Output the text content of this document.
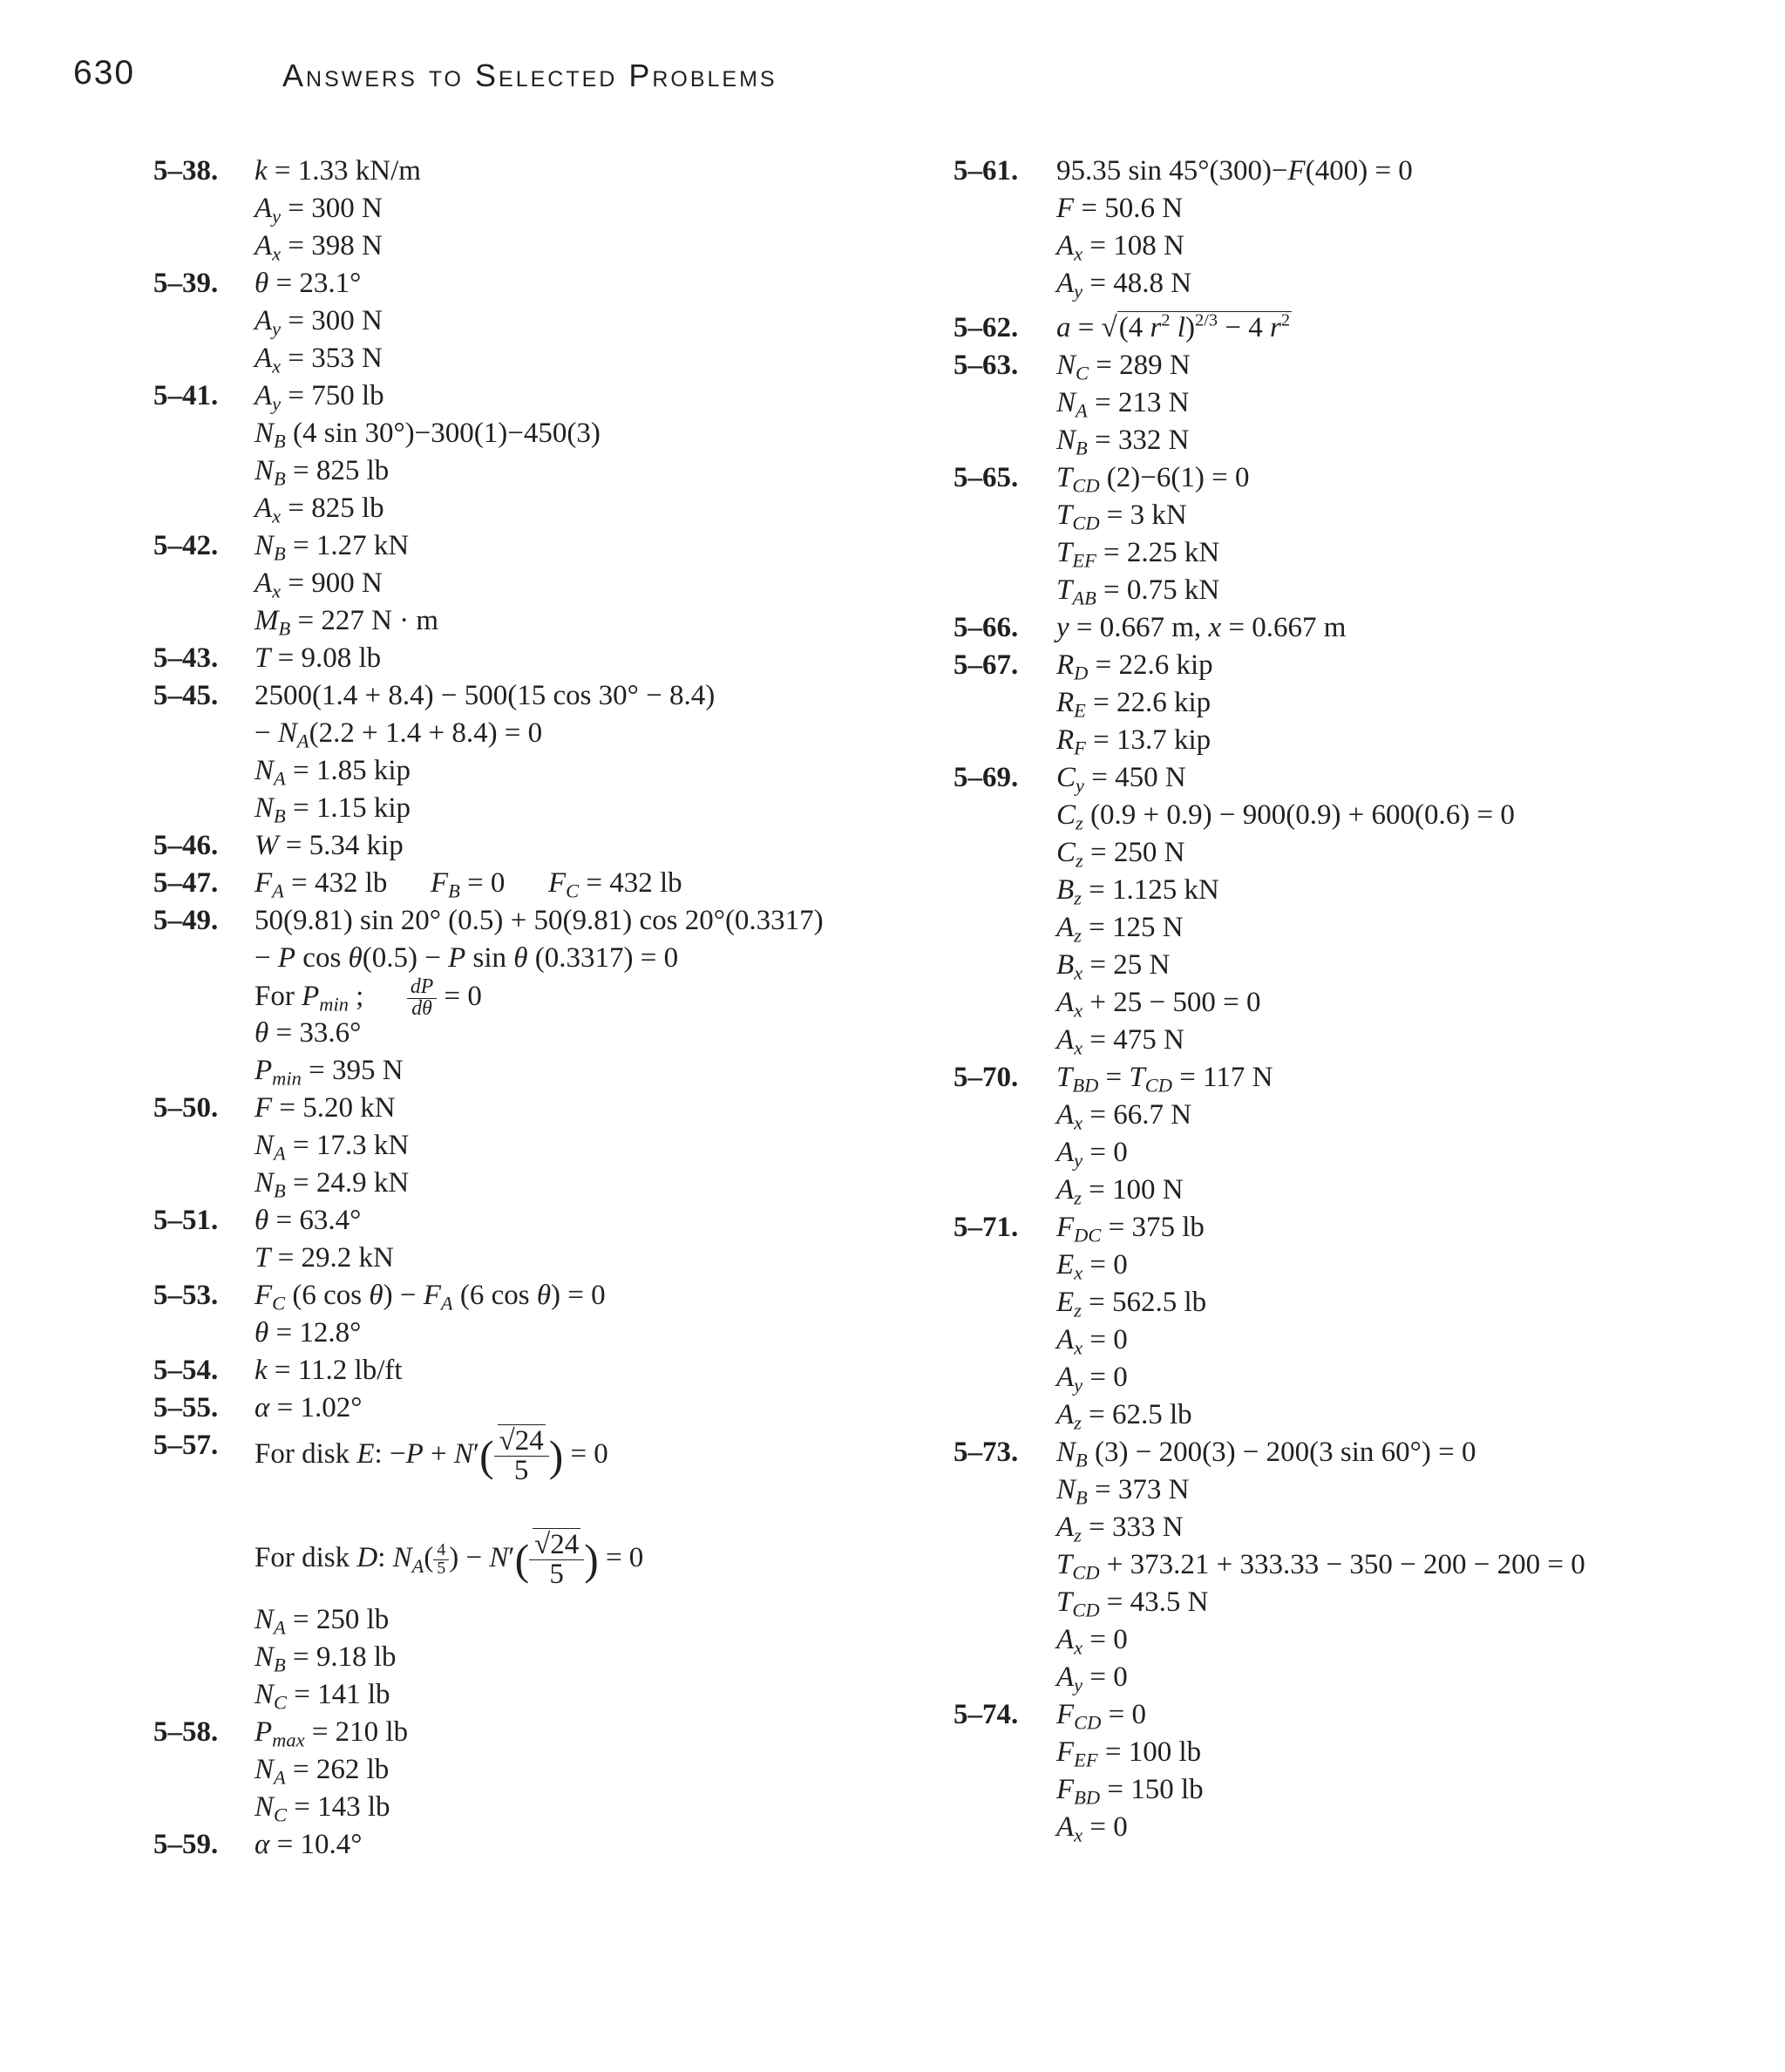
630	Answers to Selected Problems
5–38. k = 1.33 kN/m
$A_y = 300$ N
$A_x = 398$ N
5–39. θ = 23.1°
$A_y = 300$ N
$A_x = 353$ N
5–41. $A_y = 750$ lb
$N_B$ (4 sin 30°)−300(1)−450(3)
$N_B = 825$ lb
$A_x = 825$ lb
5–42. $N_B = 1.27$ kN
$A_x = 900$ N
$M_B = 227$ N · m
5–43. T = 9.08 lb
5–45. 2500(1.4 + 8.4) − 500(15 cos 30° − 8.4)
− $N_A(2.2 + 1.4 + 8.4) = 0$
$N_A = 1.85$ kip
$N_B = 1.15$ kip
5–46. W = 5.34 kip
5–47. $F_A = 432$ lb      $F_B = 0$      $F_C = 432$ lb
5–49. 50(9.81) sin 20° (0.5) + 50(9.81) cos 20°(0.3317)
− P cos θ(0.5) − P sin θ (0.3317) = 0
For $P_{min}$ ; $\frac{dP}{d\theta} = 0$
θ = 33.6°
$P_{min} = 395$ N
5–50. F = 5.20 kN
$N_A = 17.3$ kN
$N_B = 24.9$ kN
5–51. θ = 63.4°
T = 29.2 kN
5–53. $F_C$ (6 $\cos \theta) - F_A$ (6 cos θ) = 0
θ = 12.8°
5–54. k = 11.2 lb/ft
5–55. α = 1.02°
5–57. For disk E: $-P + N'( \frac{√24}{5}$ ) = 0
For disk D: $N_A( \frac{4}{5}$ ) − $N'( \frac{√24}{5}$ ) = 0
$N_A = 250$ lb
$N_B = 9.18$ lb
$N_C = 141$ lb
5–58. $P_{max} = 210$ lb
$N_A = 262$ lb
$N_C = 143$ lb
5–59. α = 10.4°
5–61. 95.35 sin 45°(300)−F(400) = 0
F = 50.6 N
$A_x = 108$ N
$A_y = 48.8$ N
5–62. a = √(4 $r^2$ l)$^{2/3}$ − 4 $r^2$
5–63. $N_C = 289$ N
$N_A = 213$ N
$N_B = 332$ N
5–65. $T_{CD}$ (2)−6(1) = 0
$T_{CD} = 3$ kN
$T_{EF} = 2.25$ kN
$T_{AB} = 0.75$ kN
5–66. y = 0.667 m, x = 0.667 m
5–67. $R_D = 22.6$ kip
$R_E = 22.6$ kip
$R_F = 13.7$ kip
5–69. $C_y = 450$ N
$C_z$ (0.9 + 0.9) − 900(0.9) + 600(0.6) = 0
$C_z = 250$ N
$B_z = 1.125$ kN
$A_z = 125$ N
$B_x = 25$ N
$A_x + 25 - 500 = 0$
$A_x = 475$ N
5–70. $T_{BD} = T_{CD} = 117$ N
$A_x = 66.7$ N
$A_y = 0$
$A_z = 100$ N
5–71. $F_{DC} = 375$ lb
$E_x = 0$
$E_z = 562.5$ lb
$A_x = 0$
$A_y = 0$
$A_z = 62.5$ lb
5–73. $N_B$ (3) − 200(3) − 200(3 sin 60°) = 0
$N_B = 373$ N
$A_z = 333$ N
$T_{CD} + 373.21 + 333.33 - 350 - 200 - 200 = 0$
$T_{CD} = 43.5$ N
$A_x = 0$
$A_y = 0$
5–74. $F_{CD} = 0$
$F_{EF} = 100$ lb
$F_{BD} = 150$ lb
$A_x = 0$
